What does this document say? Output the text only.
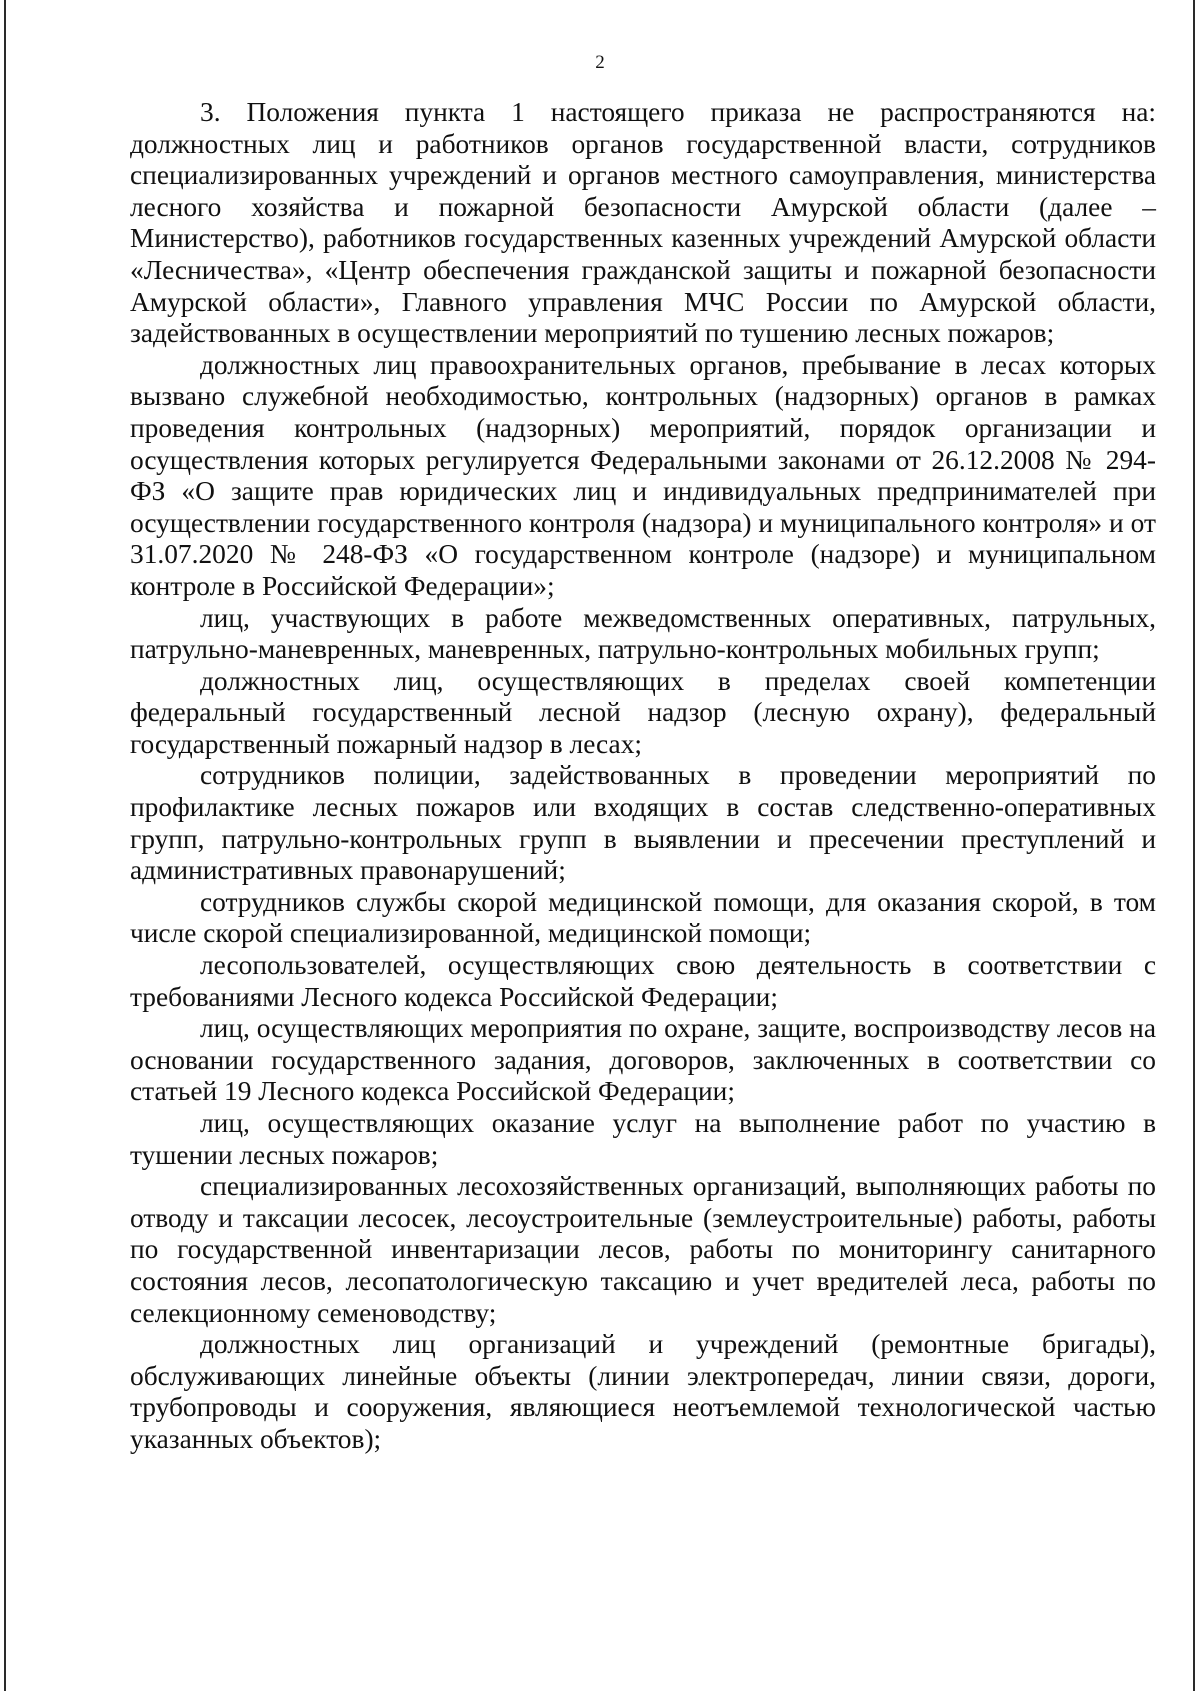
2

3. Положения пункта 1 настоящего приказа не распространяются на: должностных лиц и работников органов государственной власти, сотрудников специализированных учреждений и органов местного самоуправления, министерства лесного хозяйства и пожарной безопасности Амурской области (далее – Министерство), работников государственных казенных учреждений Амурской области «Лесничества», «Центр обеспечения гражданской защиты и пожарной безопасности Амурской области», Главного управления МЧС России по Амурской области, задействованных в осуществлении мероприятий по тушению лесных пожаров;

должностных лиц правоохранительных органов, пребывание в лесах которых вызвано служебной необходимостью, контрольных (надзорных) органов в рамках проведения контрольных (надзорных) мероприятий, порядок организации и осуществления которых регулируется Федеральными законами от 26.12.2008 № 294-ФЗ «О защите прав юридических лиц и индивидуальных предпринимателей при осуществлении государственного контроля (надзора) и муниципального контроля» и от 31.07.2020 № 248-ФЗ «О государственном контроле (надзоре) и муниципальном контроле в Российской Федерации»;

лиц, участвующих в работе межведомственных оперативных, патрульных, патрульно-маневренных, маневренных, патрульно-контрольных мобильных групп;

должностных лиц, осуществляющих в пределах своей компетенции федеральный государственный лесной надзор (лесную охрану), федеральный государственный пожарный надзор в лесах;

сотрудников полиции, задействованных в проведении мероприятий по профилактике лесных пожаров или входящих в состав следственно-оперативных групп, патрульно-контрольных групп в выявлении и пресечении преступлений и административных правонарушений;

сотрудников службы скорой медицинской помощи, для оказания скорой, в том числе скорой специализированной, медицинской помощи;

лесопользователей, осуществляющих свою деятельность в соответствии с требованиями Лесного кодекса Российской Федерации;

лиц, осуществляющих мероприятия по охране, защите, воспроизводству лесов на основании государственного задания, договоров, заключенных в соответствии со статьей 19 Лесного кодекса Российской Федерации;

лиц, осуществляющих оказание услуг на выполнение работ по участию в тушении лесных пожаров;

специализированных лесохозяйственных организаций, выполняющих работы по отводу и таксации лесосек, лесоустроительные (землеустроительные) работы, работы по государственной инвентаризации лесов, работы по мониторингу санитарного состояния лесов, лесопатологическую таксацию и учет вредителей леса, работы по селекционному семеноводству;

должностных лиц организаций и учреждений (ремонтные бригады), обслуживающих линейные объекты (линии электропередач, линии связи, дороги, трубопроводы и сооружения, являющиеся неотъемлемой технологической частью указанных объектов);
